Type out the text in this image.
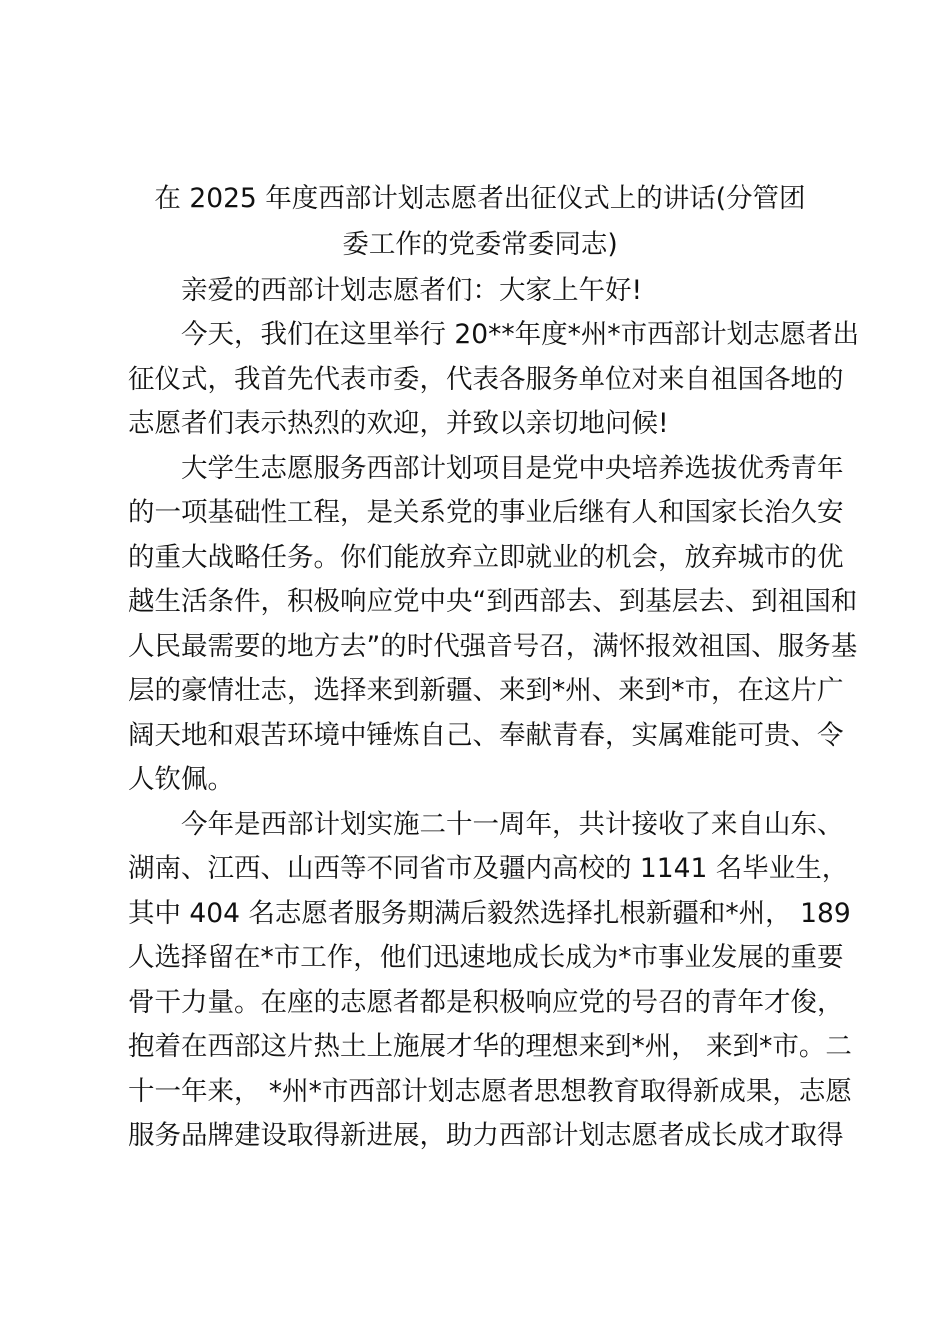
在 2025 年度西部计划志愿者出征仪式上的讲话(分管团
委工作的党委常委同志)

亲爱的西部计划志愿者们：大家上午好!

今天，我们在这里举行 20**年度*州*市西部计划志愿者出
征仪式，我首先代表市委，代表各服务单位对来自祖国各地的
志愿者们表示热烈的欢迎，并致以亲切地问候!

大学生志愿服务西部计划项目是党中央培养选拔优秀青年
的一项基础性工程，是关系党的事业后继有人和国家长治久安
的重大战略任务。你们能放弃立即就业的机会，放弃城市的优
越生活条件，积极响应党中央“到西部去、到基层去、到祖国和
人民最需要的地方去”的时代强音号召，满怀报效祖国、服务基
层的豪情壮志，选择来到新疆、来到*州、来到*市，在这片广
阔天地和艰苦环境中锤炼自己、奉献青春，实属难能可贵、令
人钦佩。

今年是西部计划实施二十一周年，共计接收了来自山东、
湖南、江西、山西等不同省市及疆内高校的 1141 名毕业生，
其中 404 名志愿者服务期满后毅然选择扎根新疆和*州， 189
人选择留在*市工作，他们迅速地成长成为*市事业发展的重要
骨干力量。在座的志愿者都是积极响应党的号召的青年才俊，
抱着在西部这片热土上施展才华的理想来到*州， 来到*市。二
十一年来， *州*市西部计划志愿者思想教育取得新成果，志愿
服务品牌建设取得新进展，助力西部计划志愿者成长成才取得
